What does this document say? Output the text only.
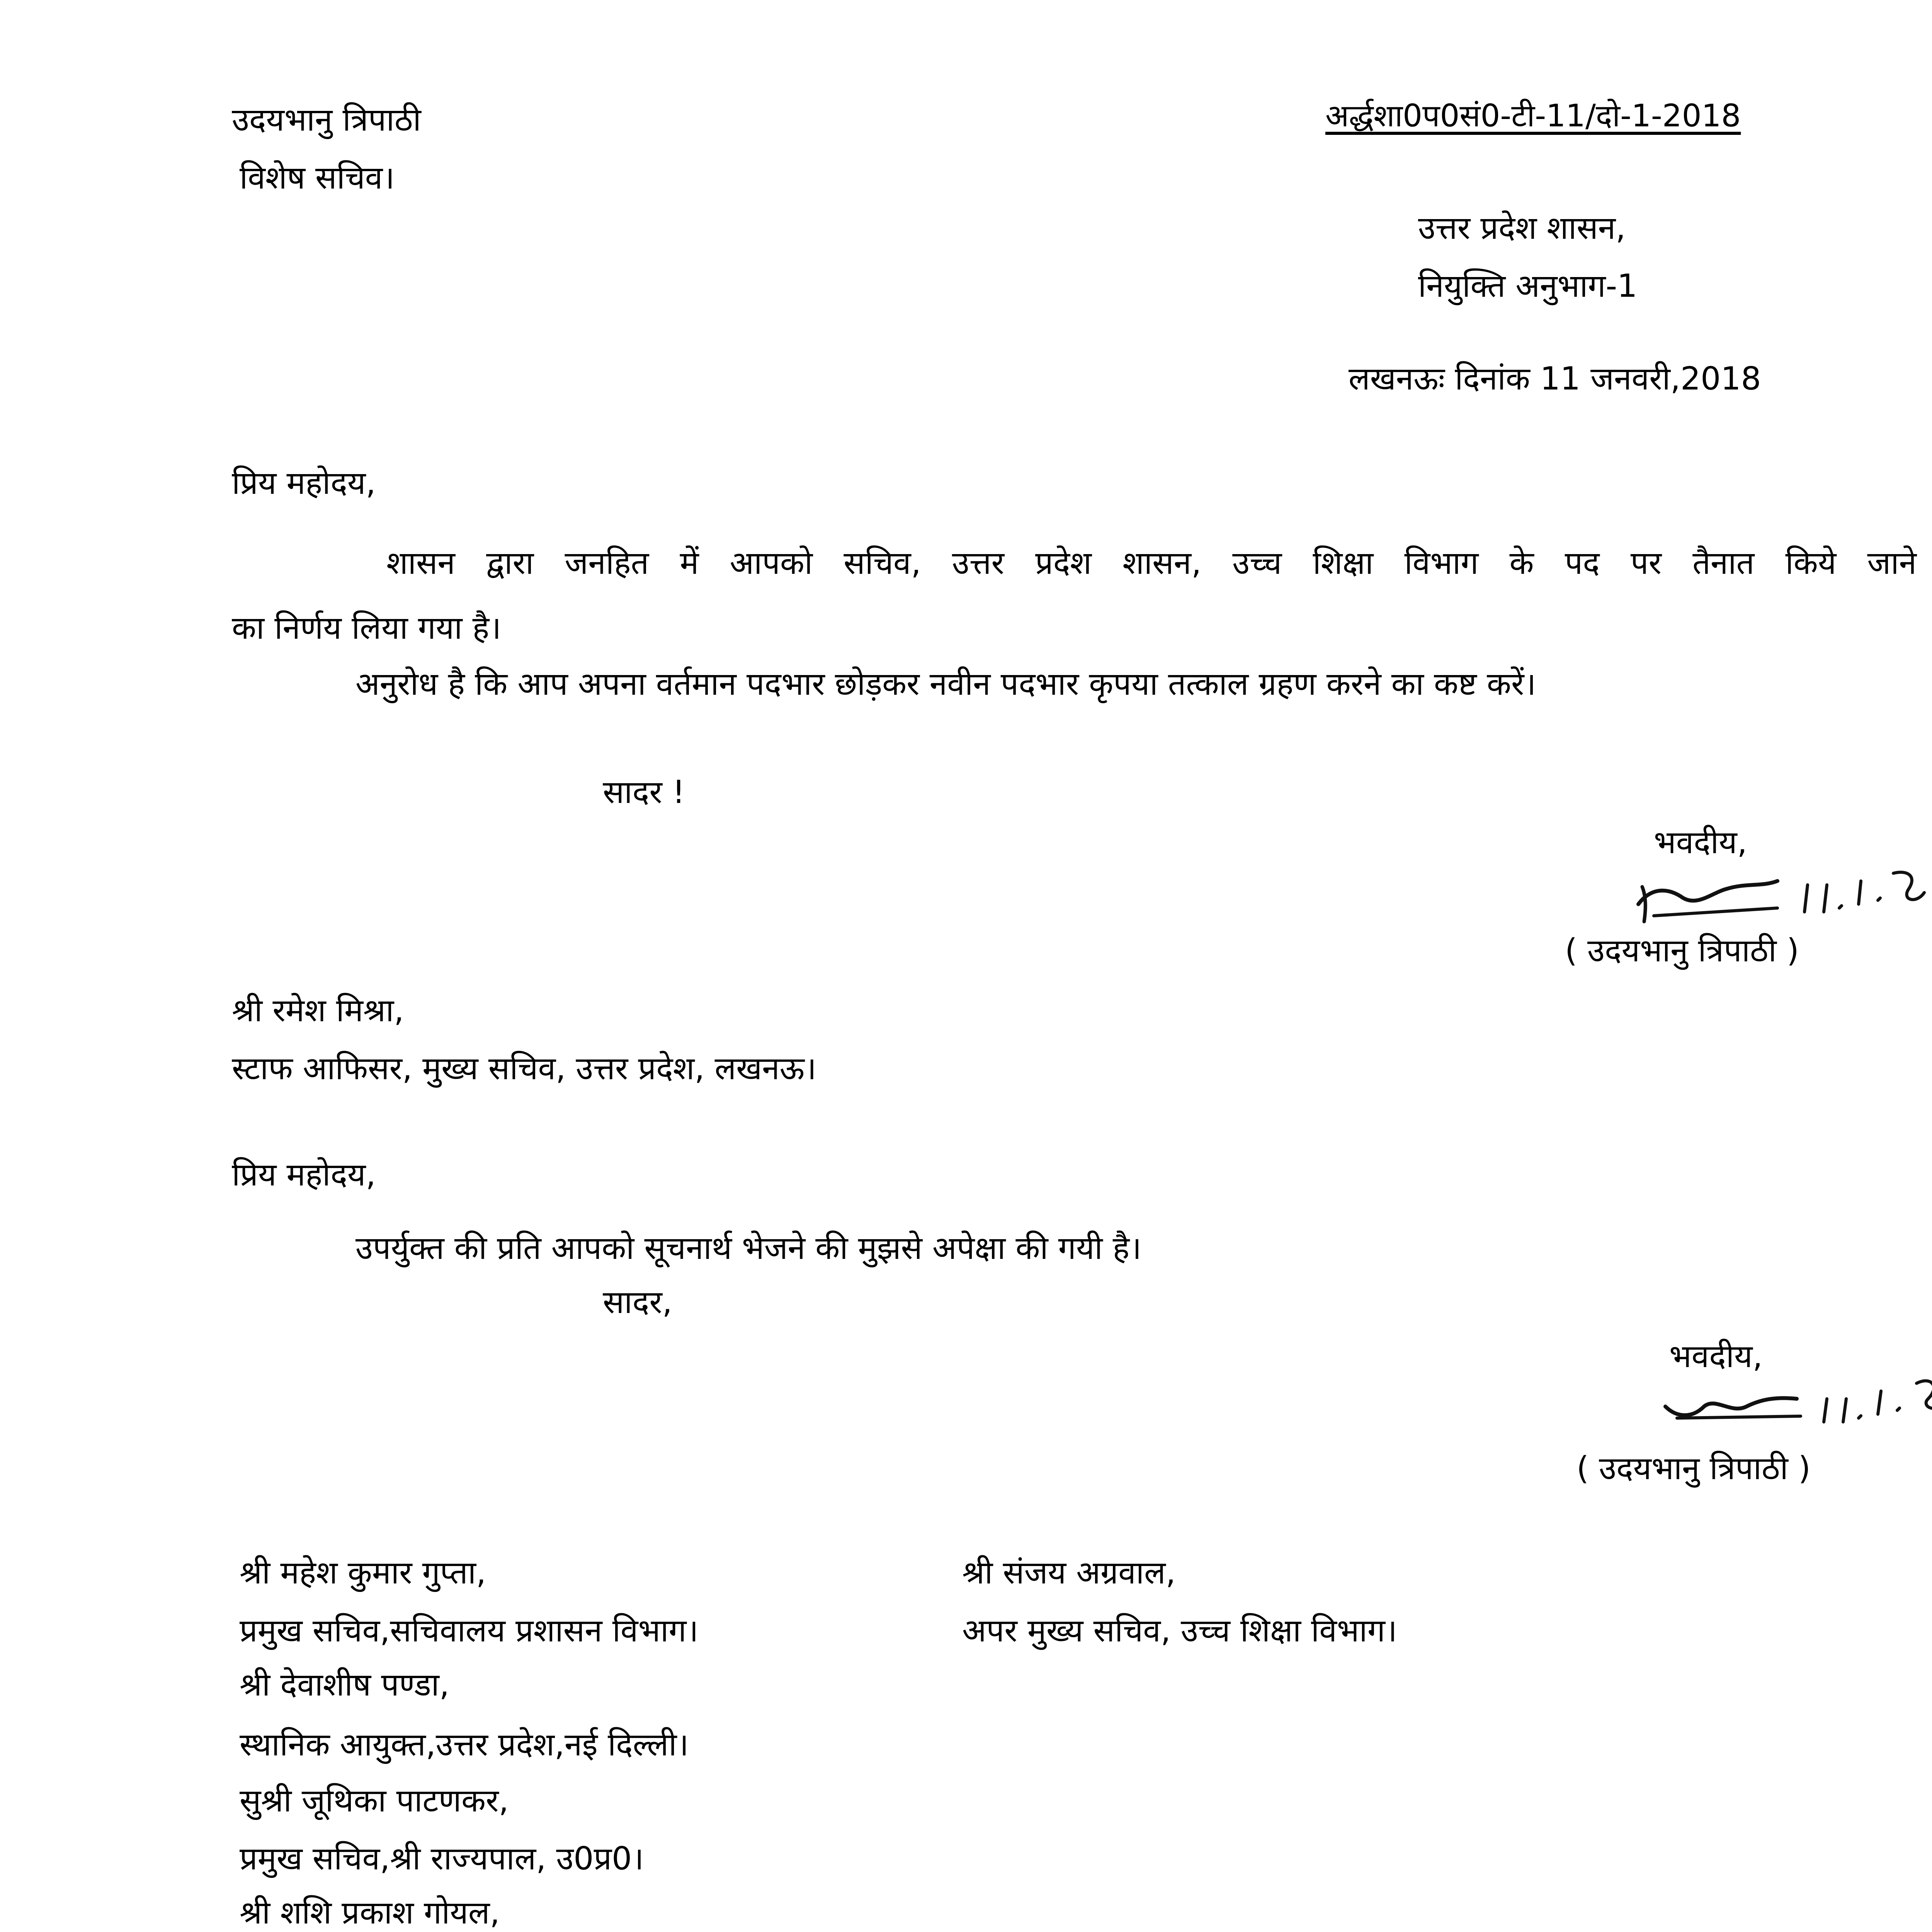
उदयभानु त्रिपाठी
विशेष सचिव।
अर्द्धशा0प0सं0-टी-11/दो-1-2018
उत्तर प्रदेश शासन,
नियुक्ति अनुभाग-1
लखनऊः दिनांक 11 जनवरी,2018
प्रिय महोदय,
शासन द्वारा जनहित में आपको सचिव, उत्तर प्रदेश शासन, उच्च शिक्षा विभाग के पद पर तैनात किये जाने
का निर्णय लिया गया है।
अनुरोध है कि आप अपना वर्तमान पदभार छोड़कर नवीन पदभार कृपया तत्काल ग्रहण करने का कष्ट करें।
सादर !
भवदीय,
( उदयभानु त्रिपाठी )
श्री रमेश मिश्रा,
स्टाफ आफिसर, मुख्य सचिव, उत्तर प्रदेश, लखनऊ।
प्रिय महोदय,
उपर्युक्त की प्रति आपको सूचनार्थ भेजने की मुझसे अपेक्षा की गयी है।
सादर,
भवदीय,
( उदयभानु त्रिपाठी )
श्री महेश कुमार गुप्ता,
प्रमुख सचिव,सचिवालय प्रशासन विभाग।
श्री देवाशीष पण्डा,
स्थानिक आयुक्त,उत्तर प्रदेश,नई दिल्ली।
सुश्री जूथिका पाटणकर,
प्रमुख सचिव,श्री राज्यपाल, उ0प्र0।
श्री शशि प्रकाश गोयल,
श्री संजय अग्रवाल,
अपर मुख्य सचिव, उच्च शिक्षा विभाग।
